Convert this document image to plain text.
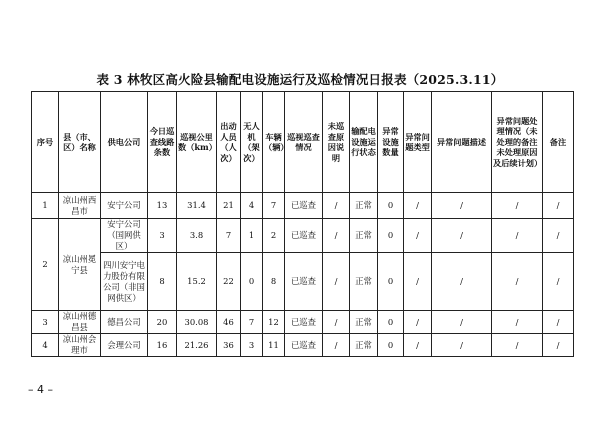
表 3 林牧区高火险县输配电设施运行及巡检情况日报表（2025.3.11）
序号	县（市、区）名称	供电公司	今日巡查线路条数	巡视公里数（km）	出动人员（人次）	无人机（架次）	车辆（辆）	巡视巡查情况	未巡查原因说明	输配电设施运行状态	异常设施数量	异常问题类型	异常问题描述	异常问题处理情况（未处理的备注未处理原因及后续计划）	备注
1	凉山州西昌市	安宁公司	13	31.4	21	4	7	已巡查	/	正常	0	/	/	/	/
2	凉山州冕宁县	安宁公司（国网供区）	3	3.8	7	1	2	已巡查	/	正常	0	/	/	/	/
		四川安宁电力股份有限公司（非国网供区）	8	15.2	22	0	8	已巡查	/	正常	0	/	/	/	/
3	凉山州德昌县	德昌公司	20	30.08	46	7	12	已巡查	/	正常	0	/	/	/	/
4	凉山州会理市	会理公司	16	21.26	36	3	11	已巡查	/	正常	0	/	/	/	/
– 4 –
